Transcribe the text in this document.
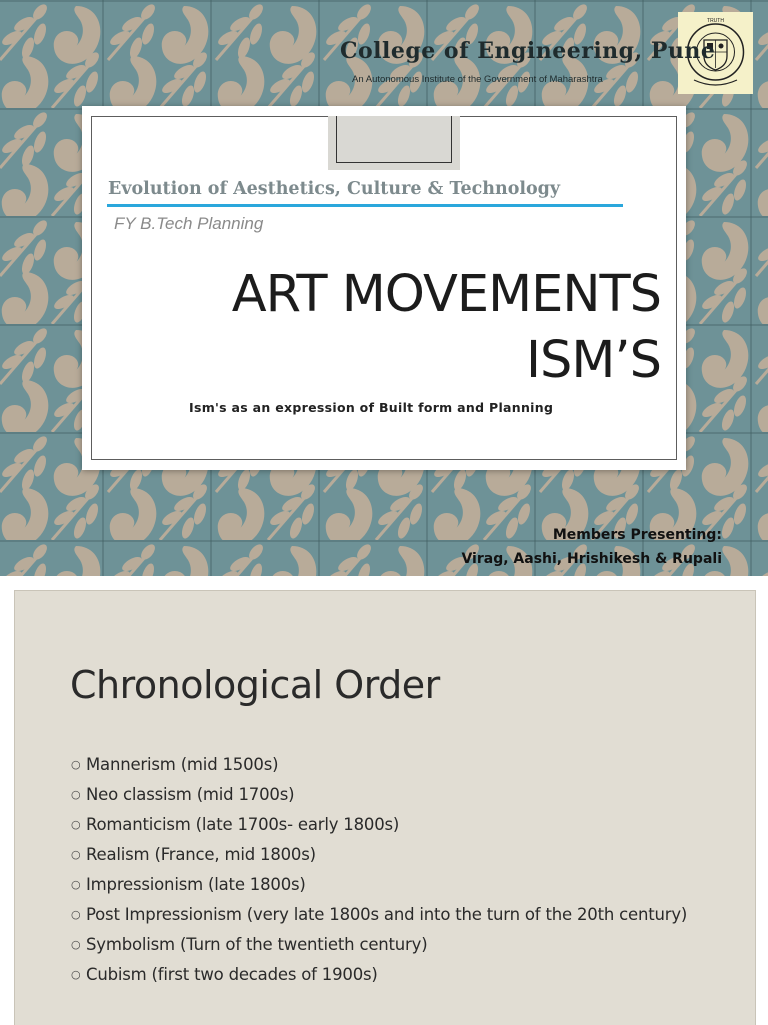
TRUTH
College of Engineering, Pune
An Autonomous Institute of the Government of Maharashtra
Evolution of Aesthetics, Culture & Technology
FY B.Tech Planning
ART MOVEMENTS
ISM’S
Ism's as an expression of Built form and Planning
Members Presenting:
Virag, Aashi, Hrishikesh & Rupali
Chronological Order
○ Mannerism (mid 1500s)
○ Neo classism (mid 1700s)
○ Romanticism (late 1700s- early 1800s)
○ Realism (France, mid 1800s)
○ Impressionism (late 1800s)
○ Post Impressionism (very late 1800s and into the turn of the 20th century)
○ Symbolism (Turn of the twentieth century)
○ Cubism (first two decades of 1900s)
